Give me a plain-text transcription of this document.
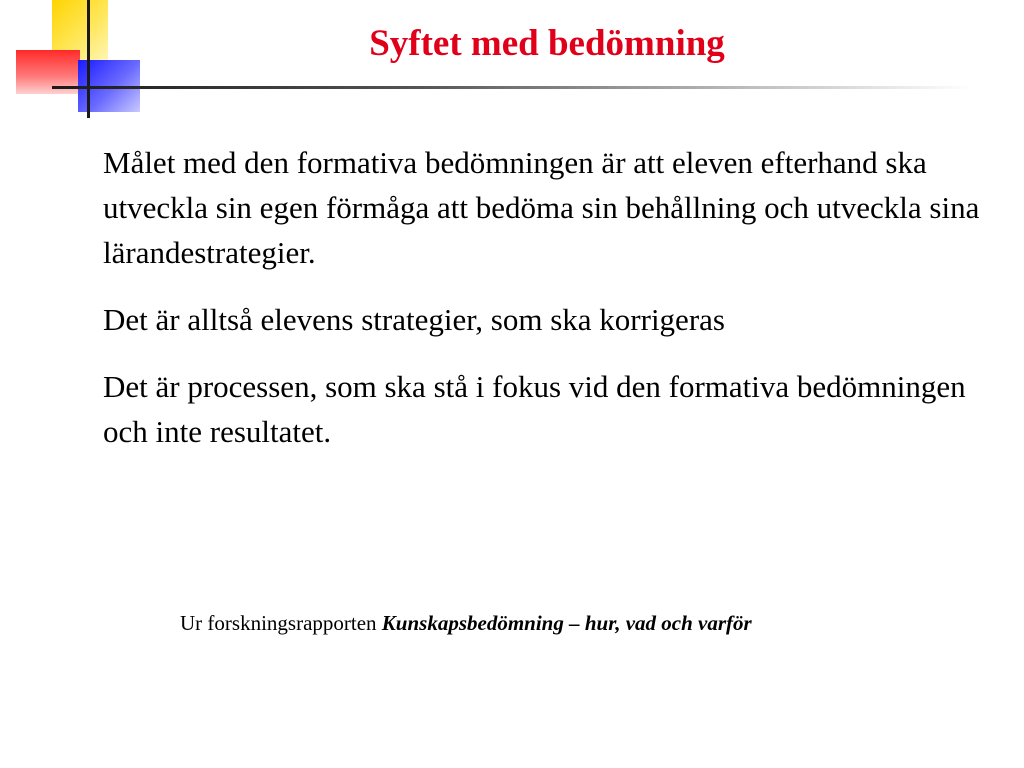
Syftet med bedömning

Målet med den formativa bedömningen är att eleven efterhand ska utveckla sin egen förmåga att bedöma sin behållning och utveckla sina lärandestrategier.

Det är alltså elevens strategier, som ska korrigeras

Det är processen, som ska stå i fokus vid den formativa bedömningen och inte resultatet.

Ur forskningsrapporten Kunskapsbedömning – hur, vad och varför
